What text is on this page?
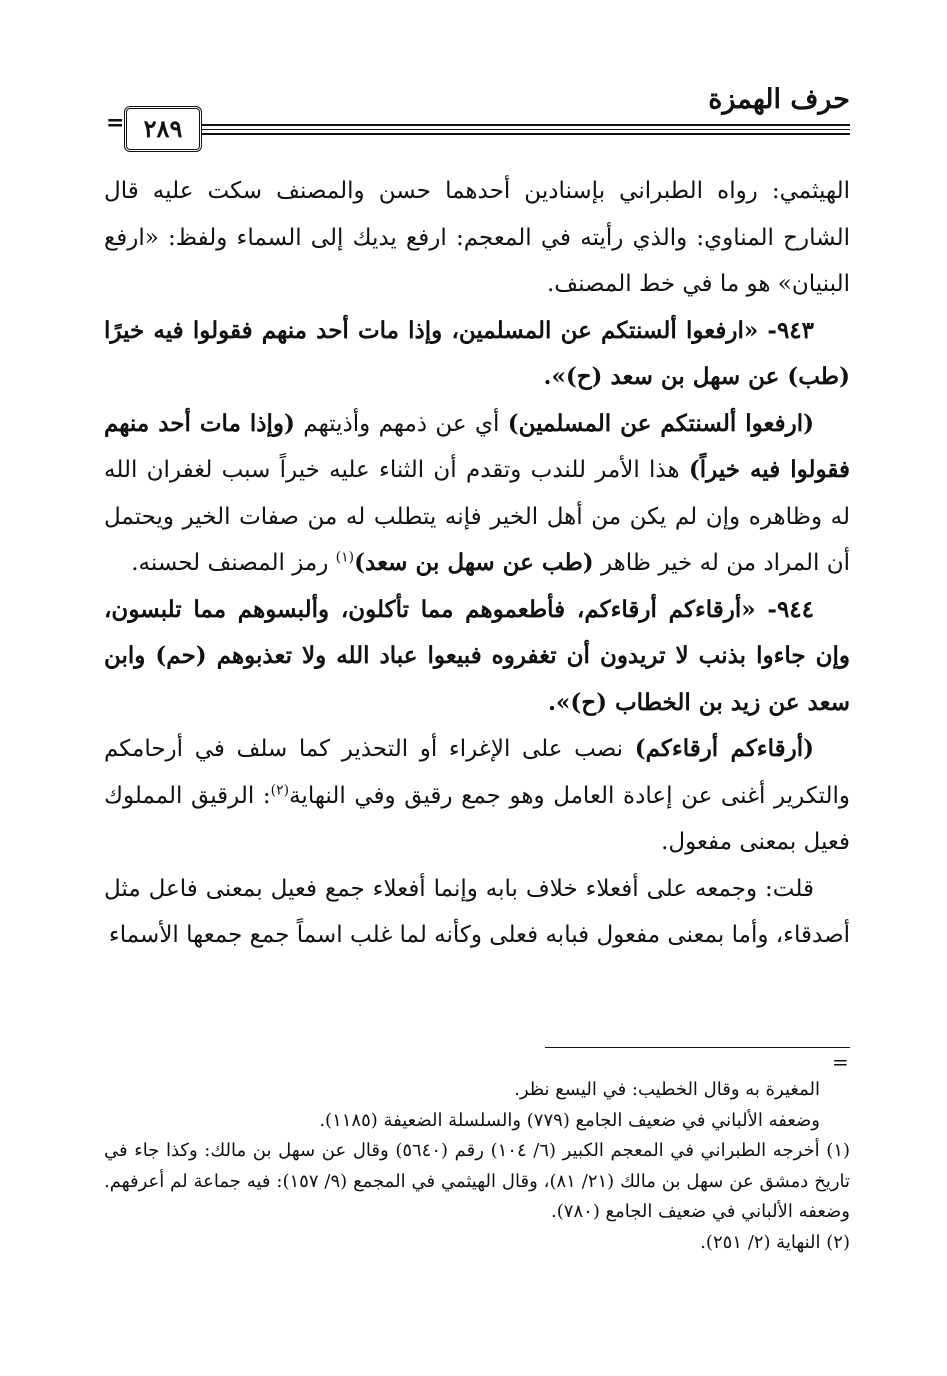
حرف الهمزة
= ٢٨٩

الهيثمي: رواه الطبراني بإسنادين أحدهما حسن والمصنف سكت عليه قال الشارح المناوي: والذي رأيته في المعجم: ارفع يديك إلى السماء ولفظ: «ارفع البنيان» هو ما في خط المصنف.

٩٤٣- «ارفعوا ألسنتكم عن المسلمين، وإذا مات أحد منهم فقولوا فيه خيرًا (طب) عن سهل بن سعد (ح)».

(ارفعوا ألسنتكم عن المسلمين) أي عن ذمهم وأذيتهم (وإذا مات أحد منهم فقولوا فيه خيراً) هذا الأمر للندب وتقدم أن الثناء عليه خيراً سبب لغفران الله له وظاهره وإن لم يكن من أهل الخير فإنه يتطلب له من صفات الخير ويحتمل أن المراد من له خير ظاهر (طب عن سهل بن سعد)$^{(١)}$ رمز المصنف لحسنه.

٩٤٤- «أرقاءكم أرقاءكم، فأطعموهم مما تأكلون، وألبسوهم مما تلبسون، وإن جاءوا بذنب لا تريدون أن تغفروه فبيعوا عباد الله ولا تعذبوهم (حم) وابن سعد عن زيد بن الخطاب (ح)».

(أرقاءكم أرقاءكم) نصب على الإغراء أو التحذير كما سلف في أرحامكم والتكرير أغنى عن إعادة العامل وهو جمع رقيق وفي النهاية$^{(٢)}$: الرقيق المملوك فعيل بمعنى مفعول.

قلت: وجمعه على أفعلاء خلاف بابه وإنما أفعلاء جمع فعيل بمعنى فاعل مثل أصدقاء، وأما بمعنى مفعول فبابه فعلى وكأنه لما غلب اسماً جمع جمعها الأسماء

=

المغيرة به وقال الخطيب: في اليسع نظر.

وضعفه الألباني في ضعيف الجامع (٧٧٩) والسلسلة الضعيفة (١١٨٥).

(١) أخرجه الطبراني في المعجم الكبير (٦/ ١٠٤) رقم (٥٦٤٠) وقال عن سهل بن مالك: وكذا جاء في تاريخ دمشق عن سهل بن مالك (٢١/ ٨١)، وقال الهيثمي في المجمع (٩/ ١٥٧): فيه جماعة لم أعرفهم. وضعفه الألباني في ضعيف الجامع (٧٨٠).

(٢) النهاية (٢/ ٢٥١).
